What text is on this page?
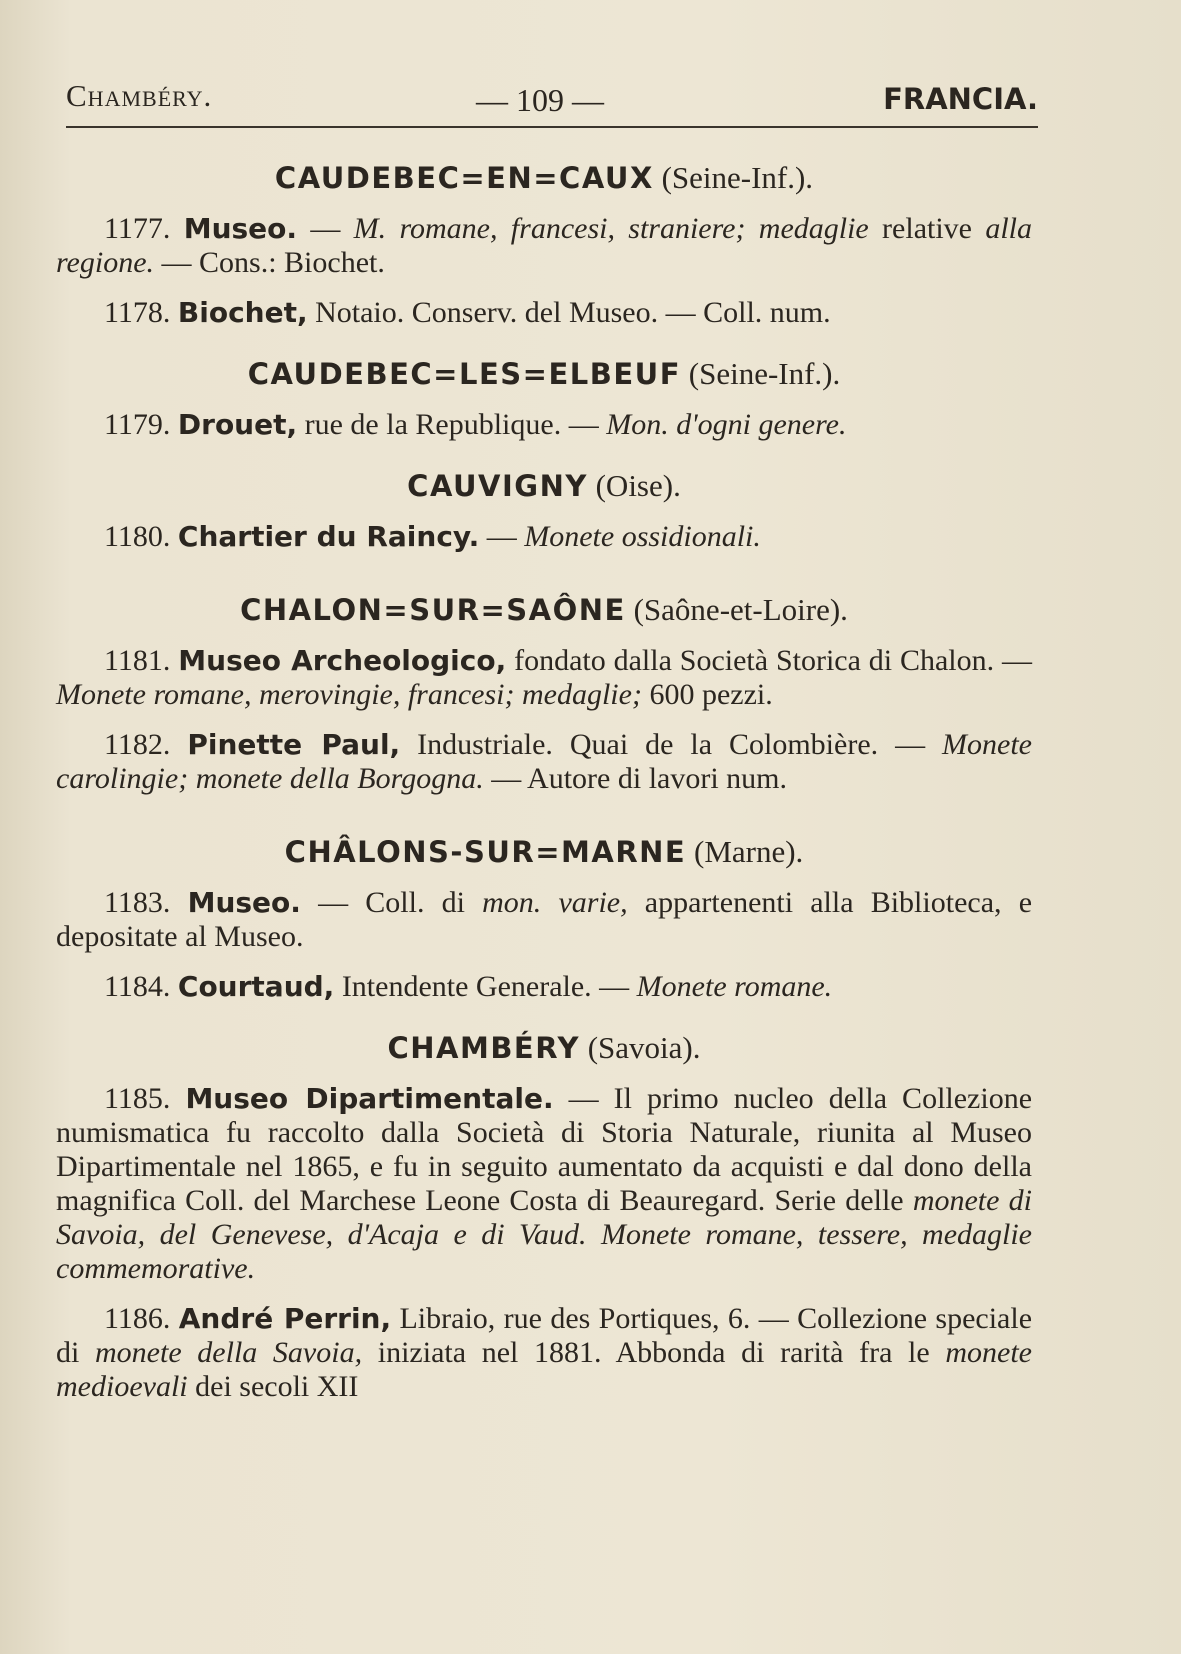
Chambéry.	— 109 —	FRANCIA.

CAUDEBEC=EN=CAUX (Seine-Inf.).

1177. Museo. — M. romane, francesi, straniere; medaglie relative alla regione. — Cons.: Biochet.

1178. Biochet, Notaio. Conserv. del Museo. — Coll. num.

CAUDEBEC=LES=ELBEUF (Seine-Inf.).

1179. Drouet, rue de la Republique. — Mon. d'ogni genere.

CAUVIGNY (Oise).

1180. Chartier du Raincy. — Monete ossidionali.

CHALON=SUR=SAÔNE (Saône-et-Loire).

1181. Museo Archeologico, fondato dalla Società Storica di Chalon. — Monete romane, merovingie, francesi; medaglie; 600 pezzi.

1182. Pinette Paul, Industriale. Quai de la Colombière. — Monete carolingie; monete della Borgogna. — Autore di lavori num.

CHÂLONS-SUR=MARNE (Marne).

1183. Museo. — Coll. di mon. varie, appartenenti alla Biblioteca, e depositate al Museo.

1184. Courtaud, Intendente Generale. — Monete romane.

CHAMBÉRY (Savoia).

1185. Museo Dipartimentale. — Il primo nucleo della Collezione numismatica fu raccolto dalla Società di Storia Naturale, riunita al Museo Dipartimentale nel 1865, e fu in seguito aumentato da acquisti e dal dono della magnifica Coll. del Marchese Leone Costa di Beauregard. Serie delle monete di Savoia, del Genevese, d'Acaja e di Vaud. Monete romane, tessere, medaglie commemorative.

1186. André Perrin, Libraio, rue des Portiques, 6. — Collezione speciale di monete della Savoia, iniziata nel 1881. Abbonda di rarità fra le monete medioevali dei secoli XII
